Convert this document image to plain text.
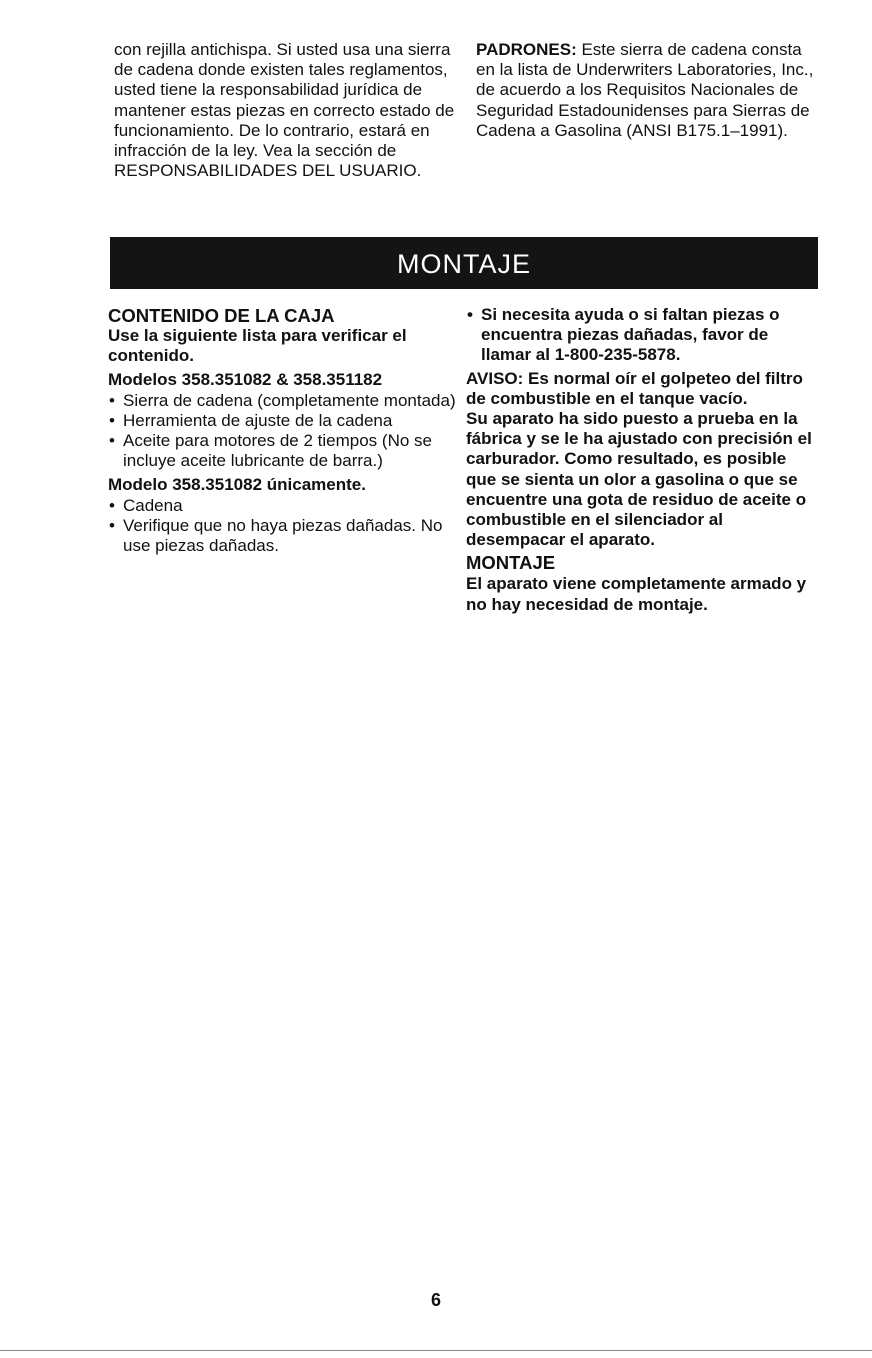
con rejilla antichispa. Si usted usa una sierra de cadena donde existen tales reglamentos, usted tiene la responsabilidad jurídica de mantener estas piezas en correcto estado de funcionamiento. De lo contrario, estará en infracción de la ley. Vea la sección de RESPONSABILIDADES DEL USUARIO.

PADRONES: Este sierra de cadena consta en la lista de Underwriters Laboratories, Inc., de acuerdo a los Requisitos Nacionales de Seguridad Estadounidenses para Sierras de Cadena a Gasolina (ANSI B175.1–1991).

MONTAJE

CONTENIDO DE LA CAJA

Use la siguiente lista para verificar el contenido.

Modelos 358.351082 & 358.351182

• Sierra de cadena (completamente montada)
• Herramienta de ajuste de la cadena
• Aceite para motores de 2 tiempos (No se incluye aceite lubricante de barra.)

Modelo 358.351082 únicamente.

• Cadena
• Verifique que no haya piezas dañadas. No use piezas dañadas.
• Si necesita ayuda o si faltan piezas o encuentra piezas dañadas, favor de llamar al 1-800-235-5878.

AVISO: Es normal oír el golpeteo del filtro de combustible en el tanque vacío.

Su aparato ha sido puesto a prueba en la fábrica y se le ha ajustado con precisión el carburador. Como resultado, es posible que se sienta un olor a gasolina o que se encuentre una gota de residuo de aceite o combustible en el silenciador al desempacar el aparato.

MONTAJE

El aparato viene completamente armado y no hay necesidad de montaje.

6
